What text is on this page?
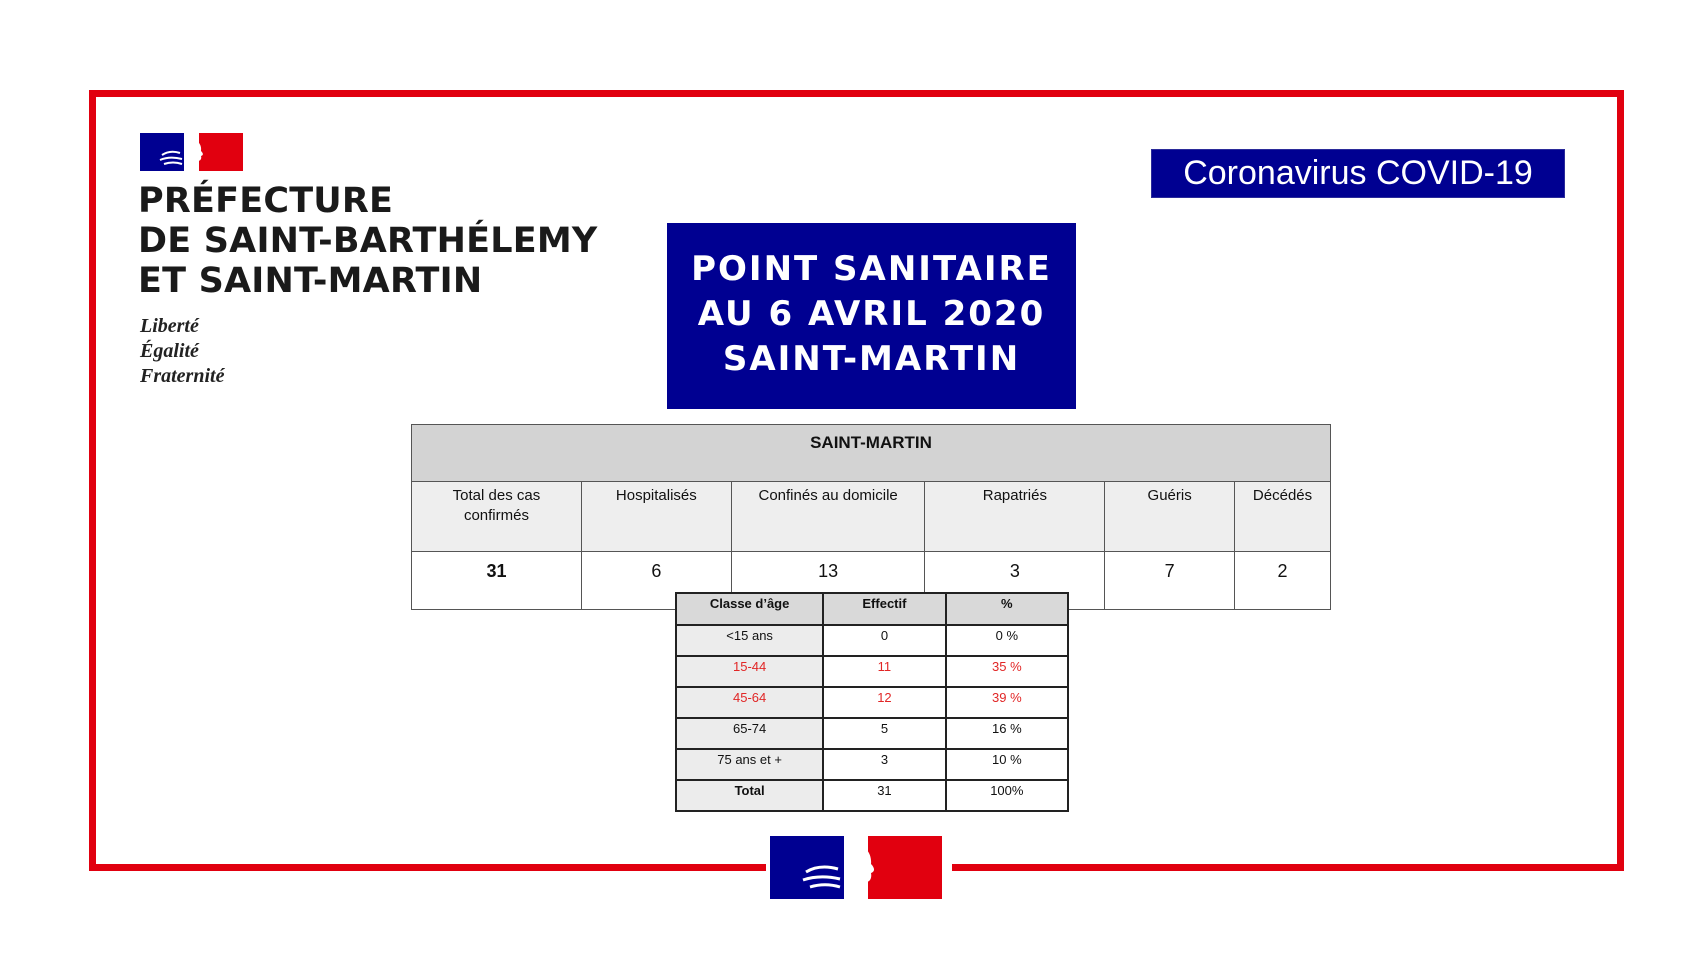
PRÉFECTURE
DE SAINT-BARTHÉLEMY
ET SAINT-MARTIN
Liberté
Égalité
Fraternité
Coronavirus COVID-19
POINT SANITAIRE
AU 6 AVRIL 2020
SAINT-MARTIN
SAINT-MARTIN					
Total des cas confirmés	Hospitalisés	Confinés au domicile	Rapatriés	Guéris	Décédés
31	6	13	3	7	2
Classe d’âge	Effectif	%
<15 ans	0	0 %
15-44	11	35 %
45-64	12	39 %
65-74	5	16 %
75 ans et +	3	10 %
Total	31	100%
